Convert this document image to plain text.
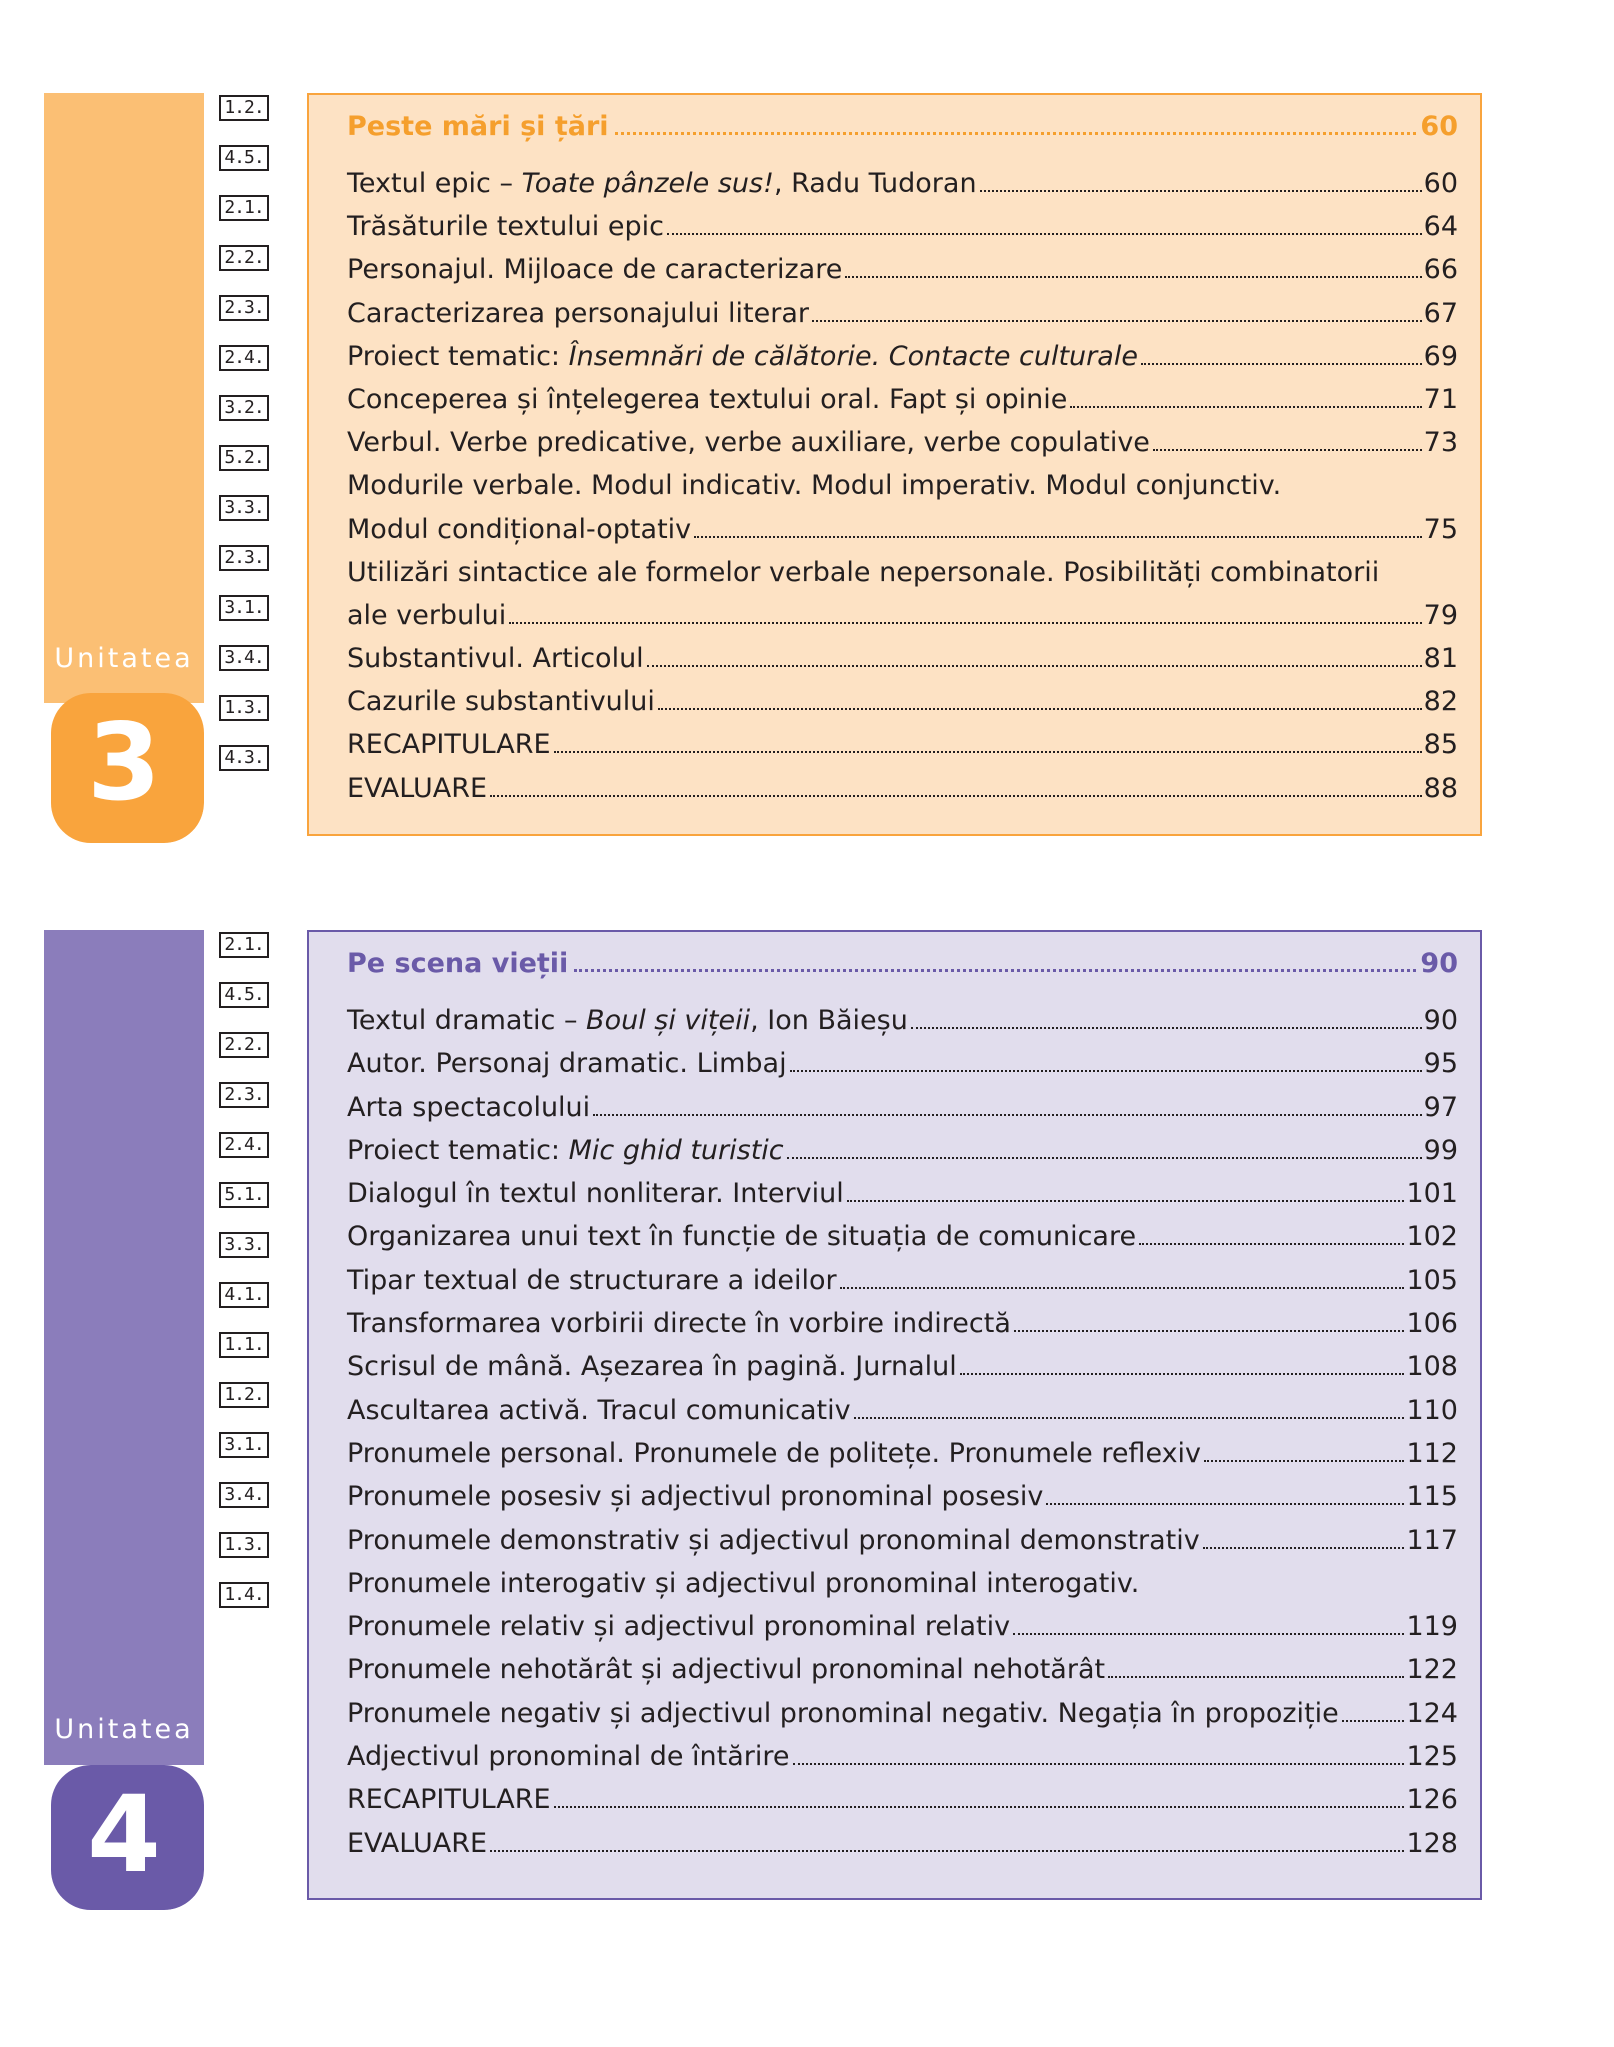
Unitatea
3
1.2.
4.5.
2.1.
2.2.
2.3.
2.4.
3.2.
5.2.
3.3.
2.3.
3.1.
3.4.
1.3.
4.3.
Peste mări și țări	60
Textul epic – Toate pânzele sus!, Radu Tudoran	60
Trăsăturile textului epic	64
Personajul. Mijloace de caracterizare	66
Caracterizarea personajului literar	67
Proiect tematic: Însemnări de călătorie. Contacte culturale	69
Conceperea și înțelegerea textului oral. Fapt și opinie	71
Verbul. Verbe predicative, verbe auxiliare, verbe copulative	73
Modurile verbale. Modul indicativ. Modul imperativ. Modul conjunctiv.
Modul condițional-optativ	75
Utilizări sintactice ale formelor verbale nepersonale. Posibilități combinatorii
ale verbului	79
Substantivul. Articolul	81
Cazurile substantivului	82
RECAPITULARE	85
EVALUARE	88
Unitatea
4
2.1.
4.5.
2.2.
2.3.
2.4.
5.1.
3.3.
4.1.
1.1.
1.2.
3.1.
3.4.
1.3.
1.4.
Pe scena vieții	90
Textul dramatic – Boul și vițeii, Ion Băieșu	90
Autor. Personaj dramatic. Limbaj	95
Arta spectacolului	97
Proiect tematic: Mic ghid turistic	99
Dialogul în textul nonliterar. Interviul	101
Organizarea unui text în funcție de situația de comunicare	102
Tipar textual de structurare a ideilor	105
Transformarea vorbirii directe în vorbire indirectă	106
Scrisul de mână. Așezarea în pagină. Jurnalul	108
Ascultarea activă. Tracul comunicativ	110
Pronumele personal. Pronumele de politețe. Pronumele reflexiv	112
Pronumele posesiv și adjectivul pronominal posesiv	115
Pronumele demonstrativ și adjectivul pronominal demonstrativ	117
Pronumele interogativ și adjectivul pronominal interogativ.
Pronumele relativ și adjectivul pronominal relativ	119
Pronumele nehotărât și adjectivul pronominal nehotărât	122
Pronumele negativ și adjectivul pronominal negativ. Negația în propoziție	124
Adjectivul pronominal de întărire	125
RECAPITULARE	126
EVALUARE	128
